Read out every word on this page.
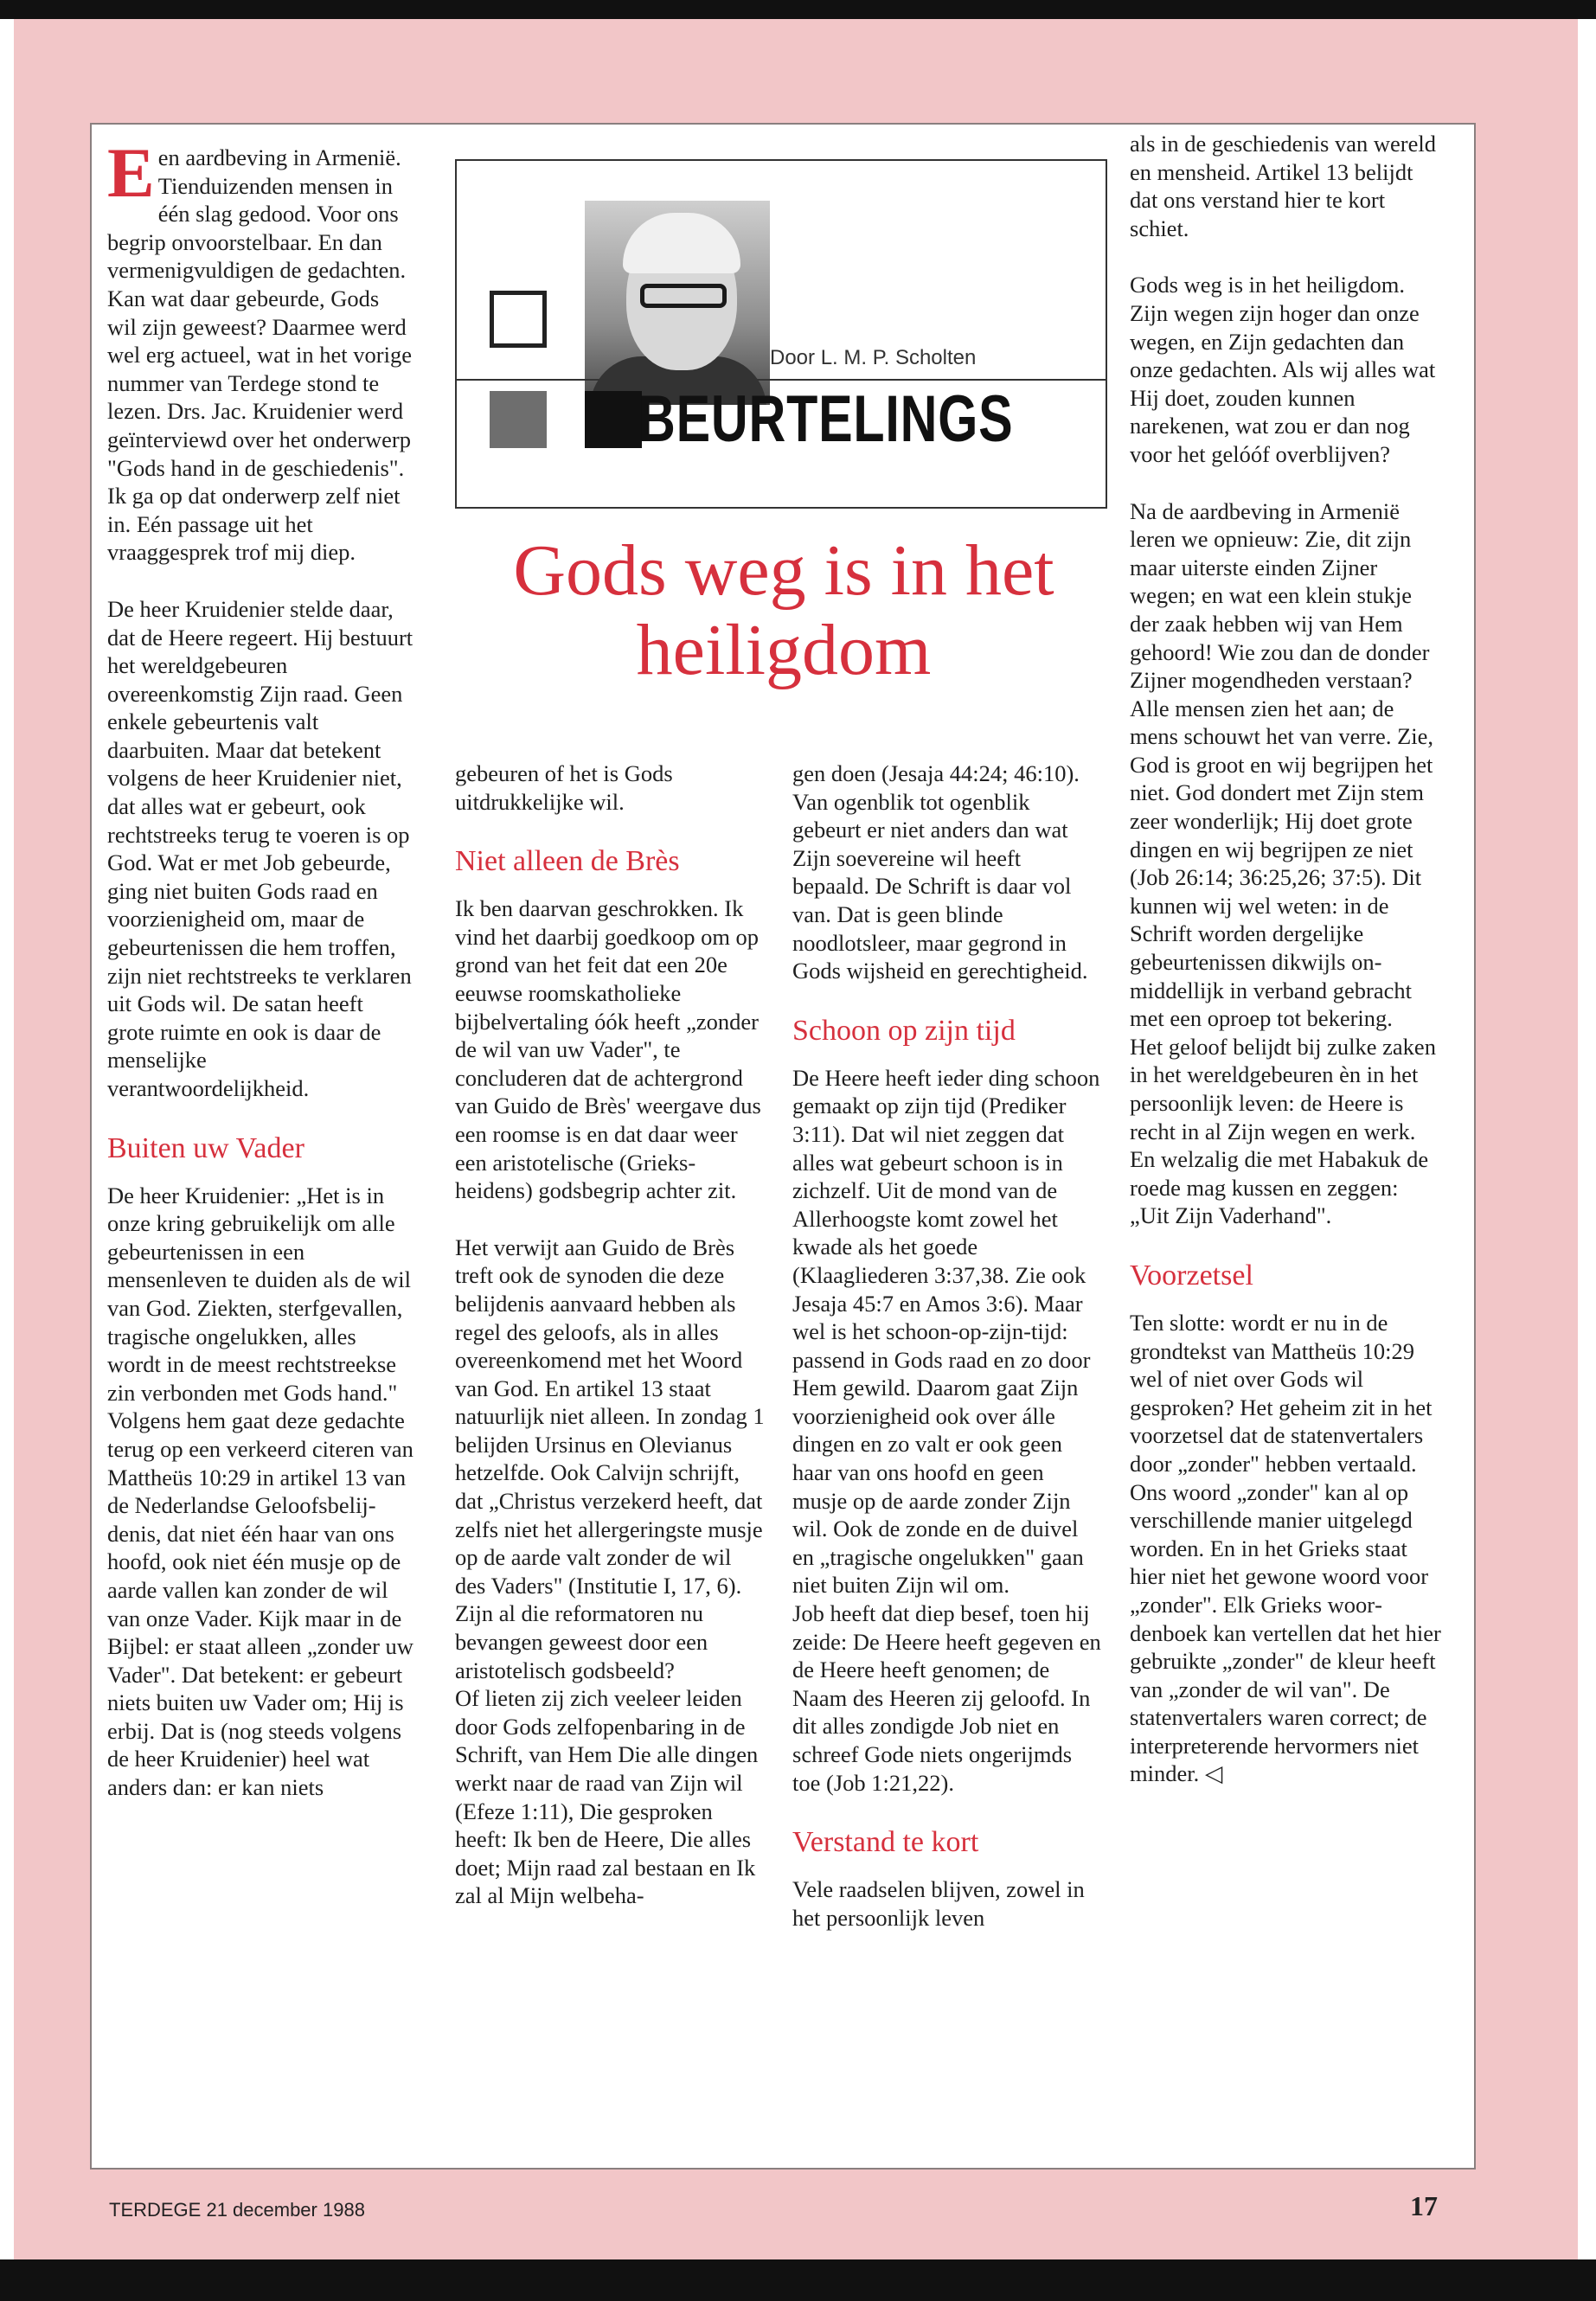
Een aardbeving in Armenië. Tienduizenden mensen in één slag gedood. Voor ons begrip onvoorstelbaar. En dan vermenigvuldigen de gedachten. Kan wat daar gebeurde, Gods wil zijn geweest? Daarmee werd wel erg actueel, wat in het vorige nummer van Terdege stond te lezen. Drs. Jac. Kruidenier werd geïnterviewd over het onderwerp "Gods hand in de geschiedenis". Ik ga op dat onderwerp zelf niet in. Eén passage uit het vraaggesprek trof mij diep.

De heer Kruidenier stelde daar, dat de Heere regeert. Hij bestuurt het wereldgebeuren overeenkomstig Zijn raad. Geen enkele gebeurtenis valt daarbuiten. Maar dat betekent volgens de heer Kruidenier niet, dat alles wat er gebeurt, ook rechtstreeks terug te voeren is op God. Wat er met Job gebeurde, ging niet buiten Gods raad en voorzienigheid om, maar de gebeurtenissen die hem troffen, zijn niet rechtstreeks te verklaren uit Gods wil. De satan heeft grote ruimte en ook is daar de menselijke verantwoordelijkheid.

Buiten uw Vader

De heer Kruidenier: „Het is in onze kring gebruikelijk om alle gebeurtenissen in een mensenleven te duiden als de wil van God. Ziekten, sterfgevallen, tragische ongelukken, alles wordt in de meest rechtstreekse zin verbonden met Gods hand." Volgens hem gaat deze gedachte terug op een verkeerd citeren van Mattheüs 10:29 in artikel 13 van de Nederlandse Geloofsbelijdenis, dat niet één haar van ons hoofd, ook niet één musje op de aarde vallen kan zonder de wil van onze Vader. Kijk maar in de Bijbel: er staat alleen „zonder uw Vader". Dat betekent: er gebeurt niets buiten uw Vader om; Hij is erbij. Dat is (nog steeds volgens de heer Kruidenier) heel wat anders dan: er kan niets

gebeuren of het is Gods uitdrukkelijke wil.

Niet alleen de Brès

Ik ben daarvan geschrokken. Ik vind het daarbij goedkoop om op grond van het feit dat een 20e eeuwse roomskatholieke bijbelvertaling óók heeft „zonder de wil van uw Vader", te concluderen dat de achtergrond van Guido de Brès' weergave dus een roomse is en dat daar weer een aristotelische (Grieksheidens) godsbegrip achter zit.

Het verwijt aan Guido de Brès treft ook de synoden die deze belijdenis aanvaard hebben als regel des geloofs, als in alles overeenkomend met het Woord van God. En artikel 13 staat natuurlijk niet alleen. In zondag 1 belijden Ursinus en Olevianus hetzelfde. Ook Calvijn schrijft, dat „Christus verzekerd heeft, dat zelfs niet het allergeringste musje op de aarde valt zonder de wil des Vaders" (Institutie I, 17, 6). Zijn al die reformatoren nu bevangen geweest door een aristotelisch godsbeeld?

Of lieten zij zich veeleer leiden door Gods zelfopenbaring in de Schrift, van Hem Die alle dingen werkt naar de raad van Zijn wil (Efeze 1:11), Die gesproken heeft: Ik ben de Heere, Die alles doet; Mijn raad zal bestaan en Ik zal al Mijn welbeha-

gen doen (Jesaja 44:24; 46:10). Van ogenblik tot ogenblik gebeurt er niet anders dan wat Zijn soevereine wil heeft bepaald. De Schrift is daar vol van. Dat is geen blinde noodlotsleer, maar gegrond in Gods wijsheid en gerechtigheid.

Schoon op zijn tijd

De Heere heeft ieder ding schoon gemaakt op zijn tijd (Prediker 3:11). Dat wil niet zeggen dat alles wat gebeurt schoon is in zichzelf. Uit de mond van de Allerhoogste komt zowel het kwade als het goede (Klaagliederen 3:37,38. Zie ook Jesaja 45:7 en Amos 3:6). Maar wel is het schoon-op-zijn-tijd: passend in Gods raad en zo door Hem gewild. Daarom gaat Zijn voorzienigheid ook over álle dingen en zo valt er ook geen haar van ons hoofd en geen musje op de aarde zonder Zijn wil. Ook de zonde en de duivel en „tragische ongelukken" gaan niet buiten Zijn wil om.

Job heeft dat diep besef, toen hij zeide: De Heere heeft gegeven en de Heere heeft genomen; de Naam des Heeren zij geloofd. In dit alles zondigde Job niet en schreef Gode niets ongerijmds toe (Job 1:21,22).

Verstand te kort

Vele raadselen blijven, zowel in het persoonlijk leven

als in de geschiedenis van wereld en mensheid. Artikel 13 belijdt dat ons verstand hier te kort schiet.

Gods weg is in het heiligdom. Zijn wegen zijn hoger dan onze wegen, en Zijn gedachten dan onze gedachten. Als wij alles wat Hij doet, zouden kunnen narekenen, wat zou er dan nog voor het gelóóf overblijven?

Na de aardbeving in Armenië leren we opnieuw: Zie, dit zijn maar uiterste einden Zijner wegen; en wat een klein stukje der zaak hebben wij van Hem gehoord! Wie zou dan de donder Zijner mogendheden verstaan? Alle mensen zien het aan; de mens schouwt het van verre. Zie, God is groot en wij begrijpen het niet. God dondert met Zijn stem zeer wonderlijk; Hij doet grote dingen en wij begrijpen ze niet (Job 26:14; 36:25,26; 37:5). Dit kunnen wij wel weten: in de Schrift worden dergelijke gebeurtenissen dikwijls onmiddellijk in verband gebracht met een oproep tot bekering.

Het geloof belijdt bij zulke zaken in het wereldgebeuren èn in het persoonlijk leven: de Heere is recht in al Zijn wegen en werk. En welzalig die met Habakuk de roede mag kussen en zeggen: „Uit Zijn Vaderhand".

Voorzetsel

Ten slotte: wordt er nu in de grondtekst van Mattheüs 10:29 wel of niet over Gods wil gesproken? Het geheim zit in het voorzetsel dat de statenvertalers door „zonder" hebben vertaald. Ons woord „zonder" kan al op verschillende manier uitgelegd worden. En in het Grieks staat hier niet het gewone woord voor „zonder". Elk Grieks woordenboek kan vertellen dat het hier gebruikte „zonder" de kleur heeft van „zonder de wil van". De statenvertalers waren correct; de interpreterende hervormers niet minder. ◁

Door L. M. P. Scholten
BEURTELINGS
Gods weg is in het heiligdom
TERDEGE 21 december 1988	17
